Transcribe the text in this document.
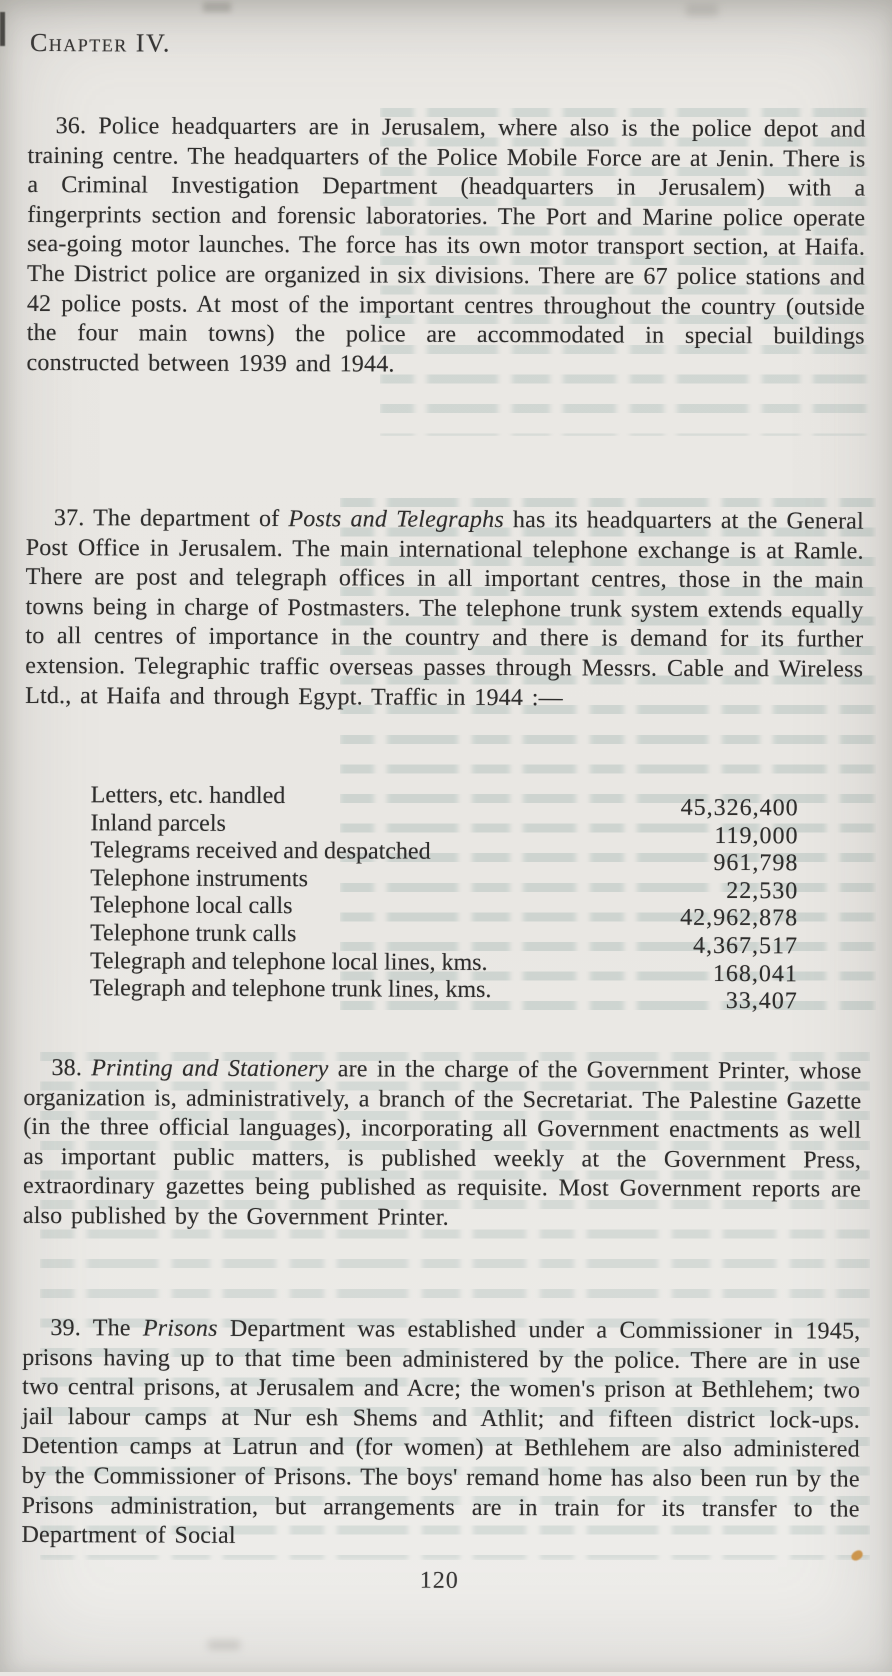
Chapter IV.

36. Police headquarters are in Jerusalem, where also is the police depot and training centre. The headquarters of the Police Mobile Force are at Jenin. There is a Criminal Investigation Department (headquarters in Jerusalem) with a fingerprints section and forensic laboratories. The Port and Marine police operate sea-going motor launches. The force has its own motor transport section, at Haifa. The District police are organized in six divisions. There are 67 police stations and 42 police posts. At most of the important centres throughout the country (outside the four main towns) the police are accommodated in special buildings constructed between 1939 and 1944.

37. The department of Posts and Telegraphs has its headquarters at the General Post Office in Jerusalem. The main international telephone exchange is at Ramle. There are post and telegraph offices in all important centres, those in the main towns being in charge of Postmasters. The telephone trunk system extends equally to all centres of importance in the country and there is demand for its further extension. Telegraphic traffic overseas passes through Messrs. Cable and Wireless Ltd., at Haifa and through Egypt. Traffic in 1944 :—

Letters, etc. handled	45,326,400
Inland parcels	119,000
Telegrams received and despatched	961,798
Telephone instruments	22,530
Telephone local calls	42,962,878
Telephone trunk calls	4,367,517
Telegraph and telephone local lines, kms.	168,041
Telegraph and telephone trunk lines, kms.	33,407

38. Printing and Stationery are in the charge of the Government Printer, whose organization is, administratively, a branch of the Secretariat. The Palestine Gazette (in the three official languages), incorporating all Government enactments as well as important public matters, is published weekly at the Government Press, extraordinary gazettes being published as requisite. Most Government reports are also published by the Government Printer.

39. The Prisons Department was established under a Commissioner in 1945, prisons having up to that time been administered by the police. There are in use two central prisons, at Jerusalem and Acre; the women's prison at Bethlehem; two jail labour camps at Nur esh Shems and Athlit; and fifteen district lock-ups. Detention camps at Latrun and (for women) at Bethlehem are also administered by the Commissioner of Prisons. The boys' remand home has also been run by the Prisons administration, but arrangements are in train for its transfer to the Department of Social

120
